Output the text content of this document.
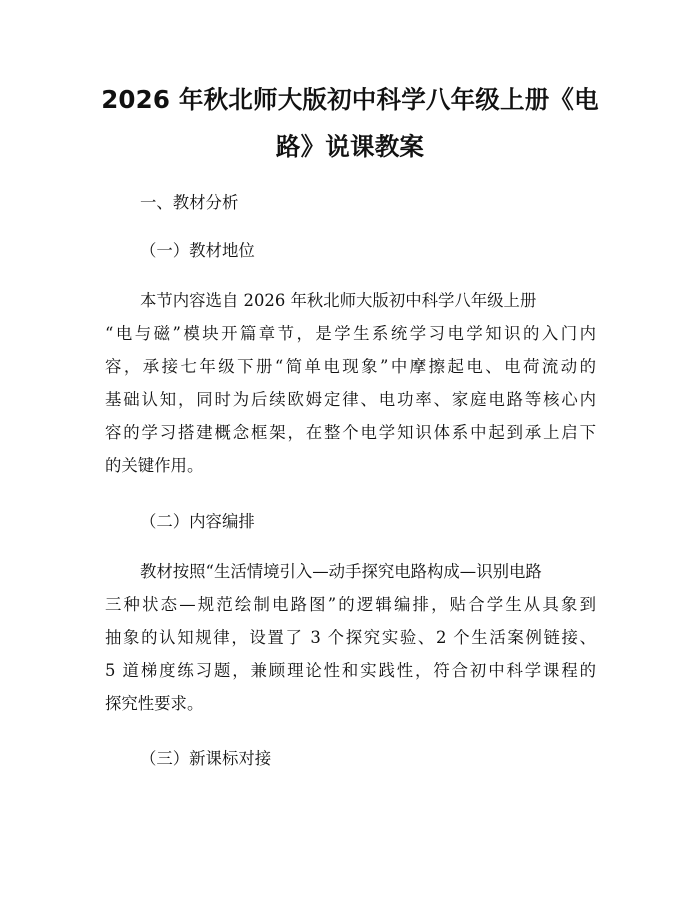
2026 年秋北师大版初中科学八年级上册《电
路》说课教案
一、教材分析
（一）教材地位
本节内容选自 2026 年秋北师大版初中科学八年级上册
“电与磁”模块开篇章节，是学生系统学习电学知识的入门内
容，承接七年级下册“简单电现象”中摩擦起电、电荷流动的
基础认知，同时为后续欧姆定律、电功率、家庭电路等核心内
容的学习搭建概念框架，在整个电学知识体系中起到承上启下
的关键作用。
（二）内容编排
教材按照“生活情境引入—动手探究电路构成—识别电路
三种状态—规范绘制电路图”的逻辑编排，贴合学生从具象到
抽象的认知规律，设置了 3 个探究实验、2 个生活案例链接、
5 道梯度练习题，兼顾理论性和实践性，符合初中科学课程的
探究性要求。
（三）新课标对接
